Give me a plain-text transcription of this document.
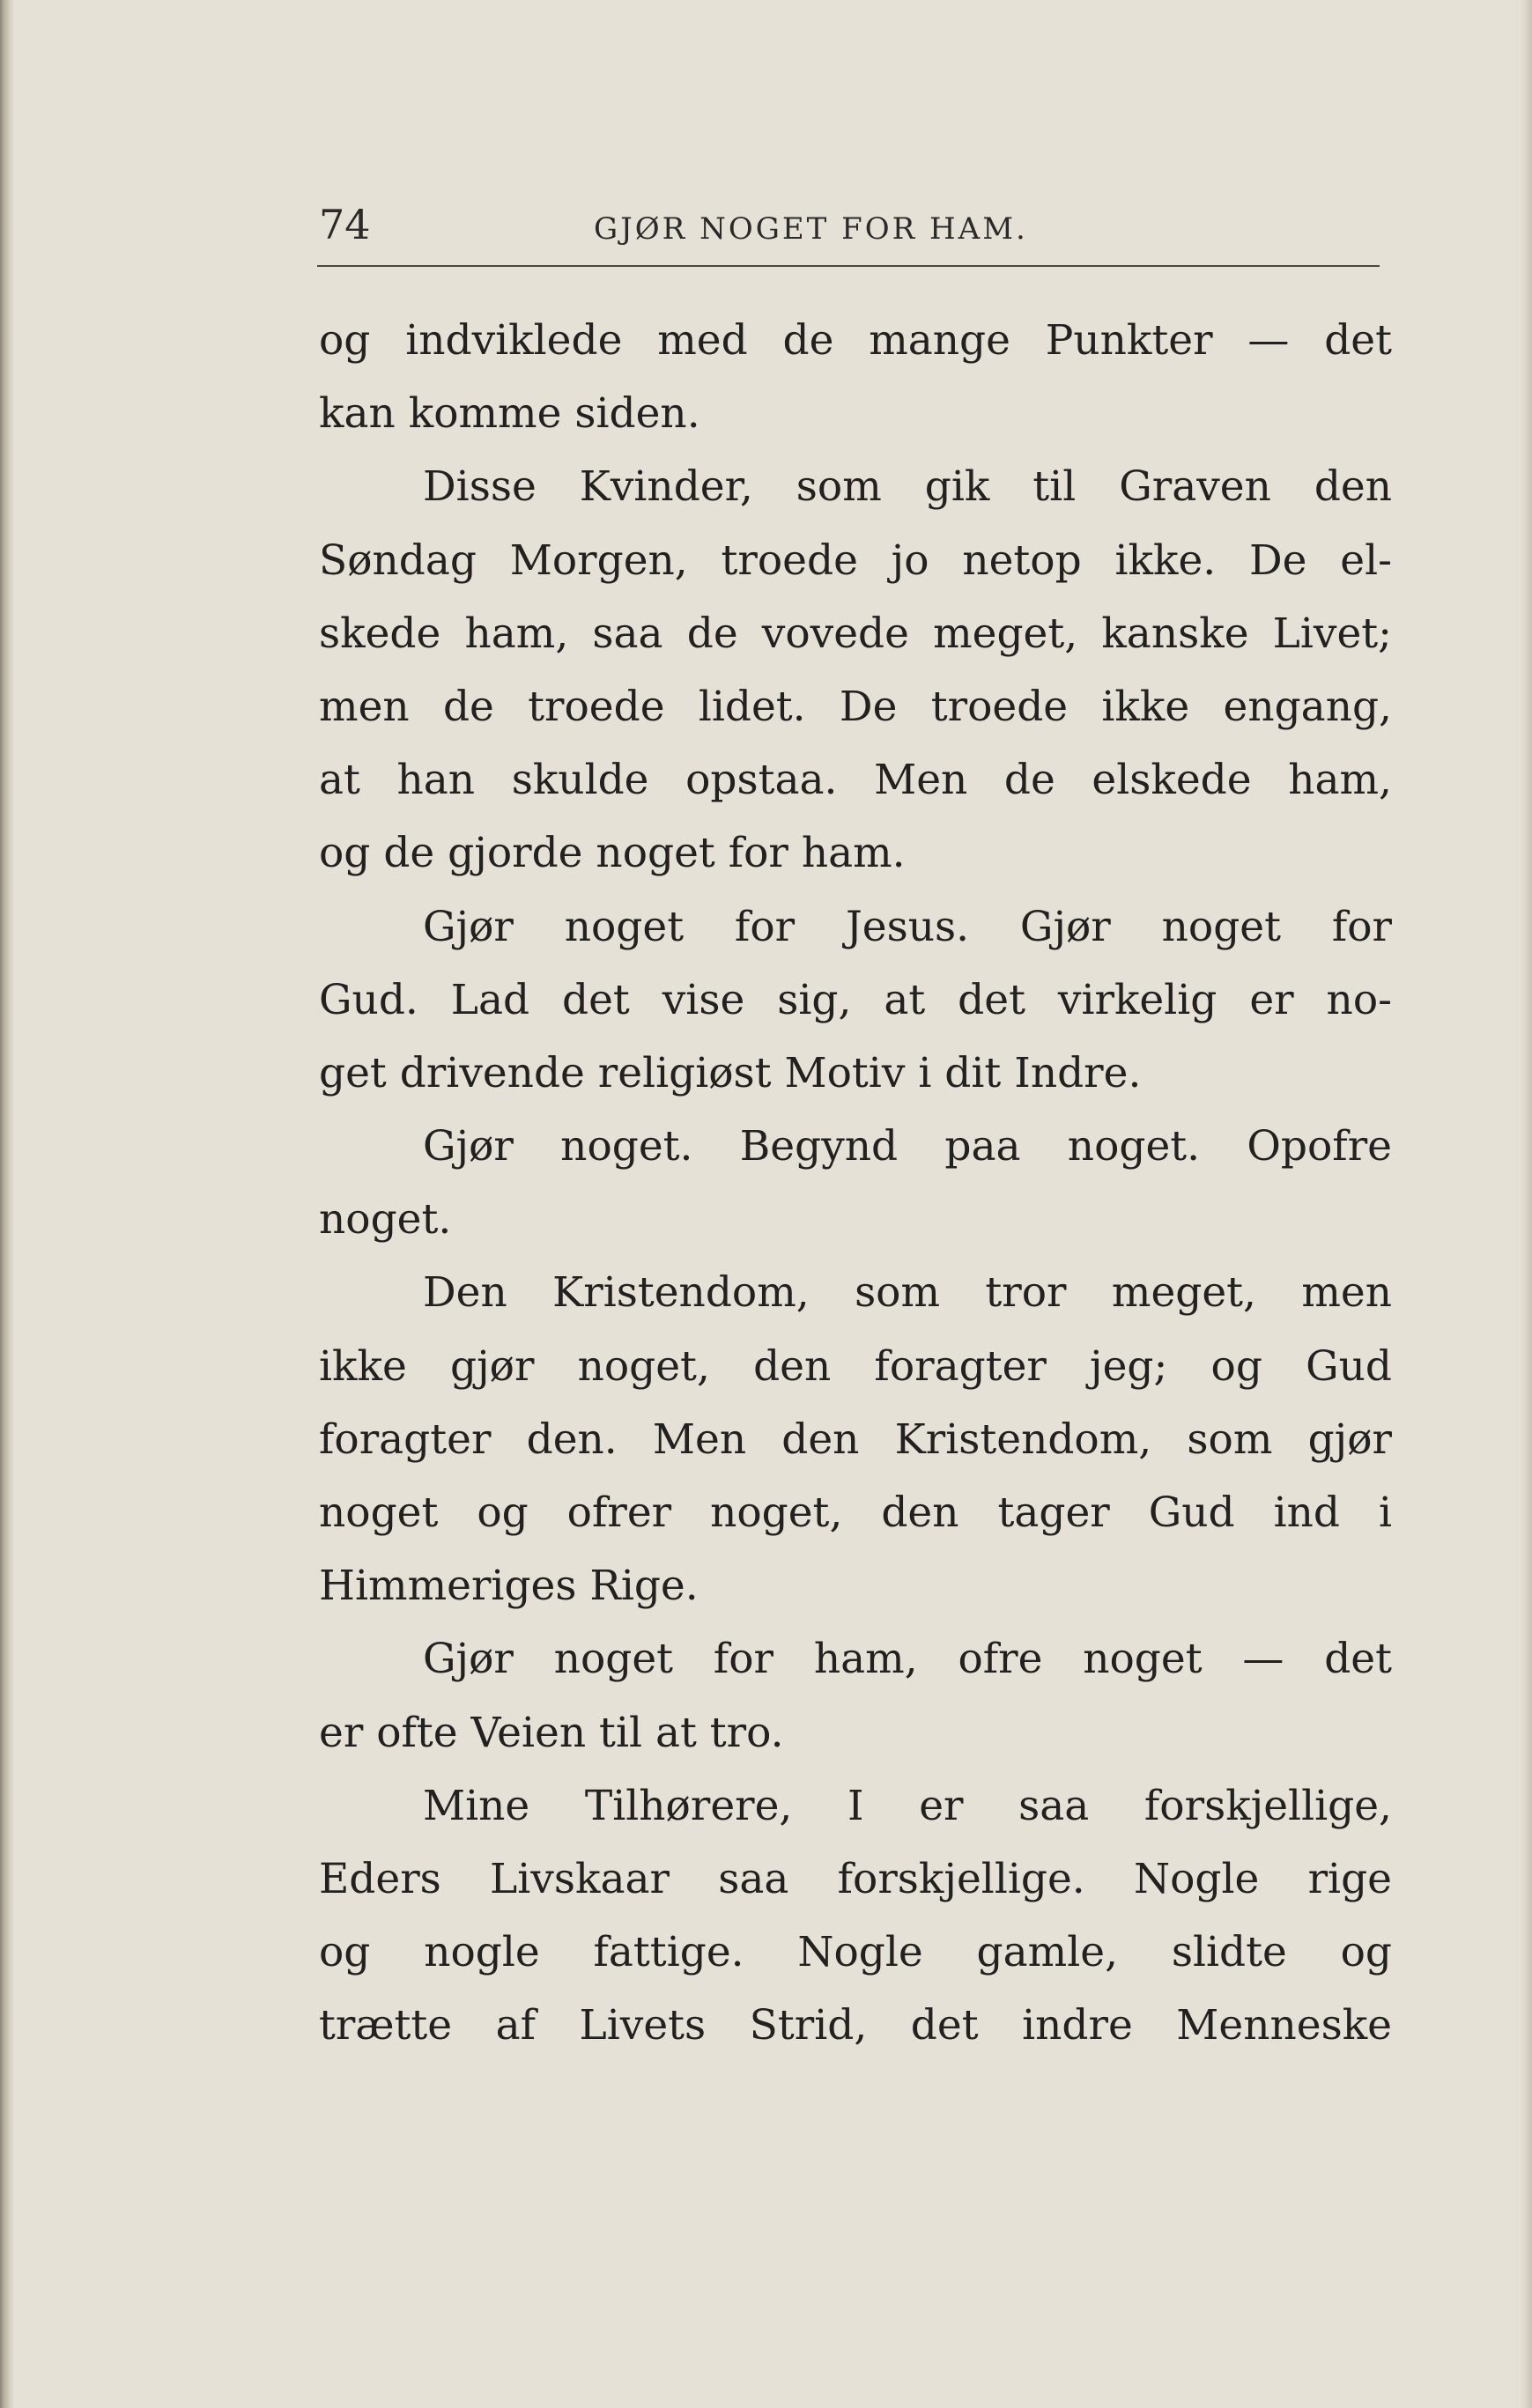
74	GJØR NOGET FOR HAM.
og indviklede med de mange Punkter — det
kan komme siden.
Disse Kvinder, som gik til Graven den
Søndag Morgen, troede jo netop ikke. De el-
skede ham, saa de vovede meget, kanske Livet;
men de troede lidet. De troede ikke engang,
at han skulde opstaa. Men de elskede ham,
og de gjorde noget for ham.
Gjør noget for Jesus. Gjør noget for
Gud. Lad det vise sig, at det virkelig er no-
get drivende religiøst Motiv i dit Indre.
Gjør noget. Begynd paa noget. Opofre
noget.
Den Kristendom, som tror meget, men
ikke gjør noget, den foragter jeg; og Gud
foragter den. Men den Kristendom, som gjør
noget og ofrer noget, den tager Gud ind i
Himmeriges Rige.
Gjør noget for ham, ofre noget — det
er ofte Veien til at tro.
Mine Tilhørere, I er saa forskjellige,
Eders Livskaar saa forskjellige. Nogle rige
og nogle fattige. Nogle gamle, slidte og
trætte af Livets Strid, det indre Menneske
